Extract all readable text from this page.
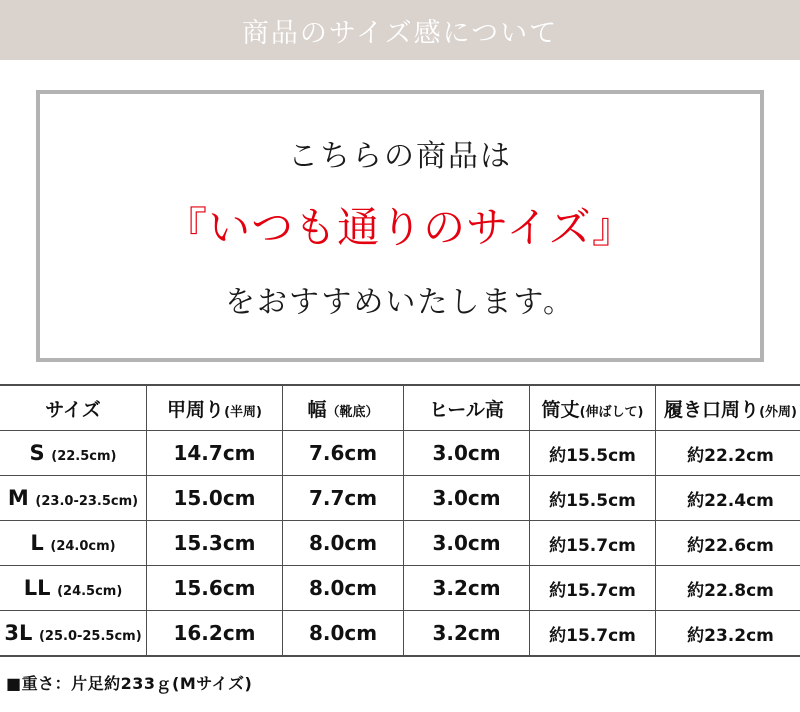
商品のサイズ感について
こちらの商品は
『いつも通りのサイズ』
をおすすめいたします。
サイズ	甲周り(半周)	幅（靴底）	ヒール高	筒丈(伸ばして)	履き口周り(外周)
S (22.5cm)	14.7cm	7.6cm	3.0cm	約15.5cm	約22.2cm
M (23.0-23.5cm)	15.0cm	7.7cm	3.0cm	約15.5cm	約22.4cm
L (24.0cm)	15.3cm	8.0cm	3.0cm	約15.7cm	約22.6cm
LL (24.5cm)	15.6cm	8.0cm	3.2cm	約15.7cm	約22.8cm
3L (25.0-25.5cm)	16.2cm	8.0cm	3.2cm	約15.7cm	約23.2cm
■重さ：片足約233ｇ(Mサイズ)
